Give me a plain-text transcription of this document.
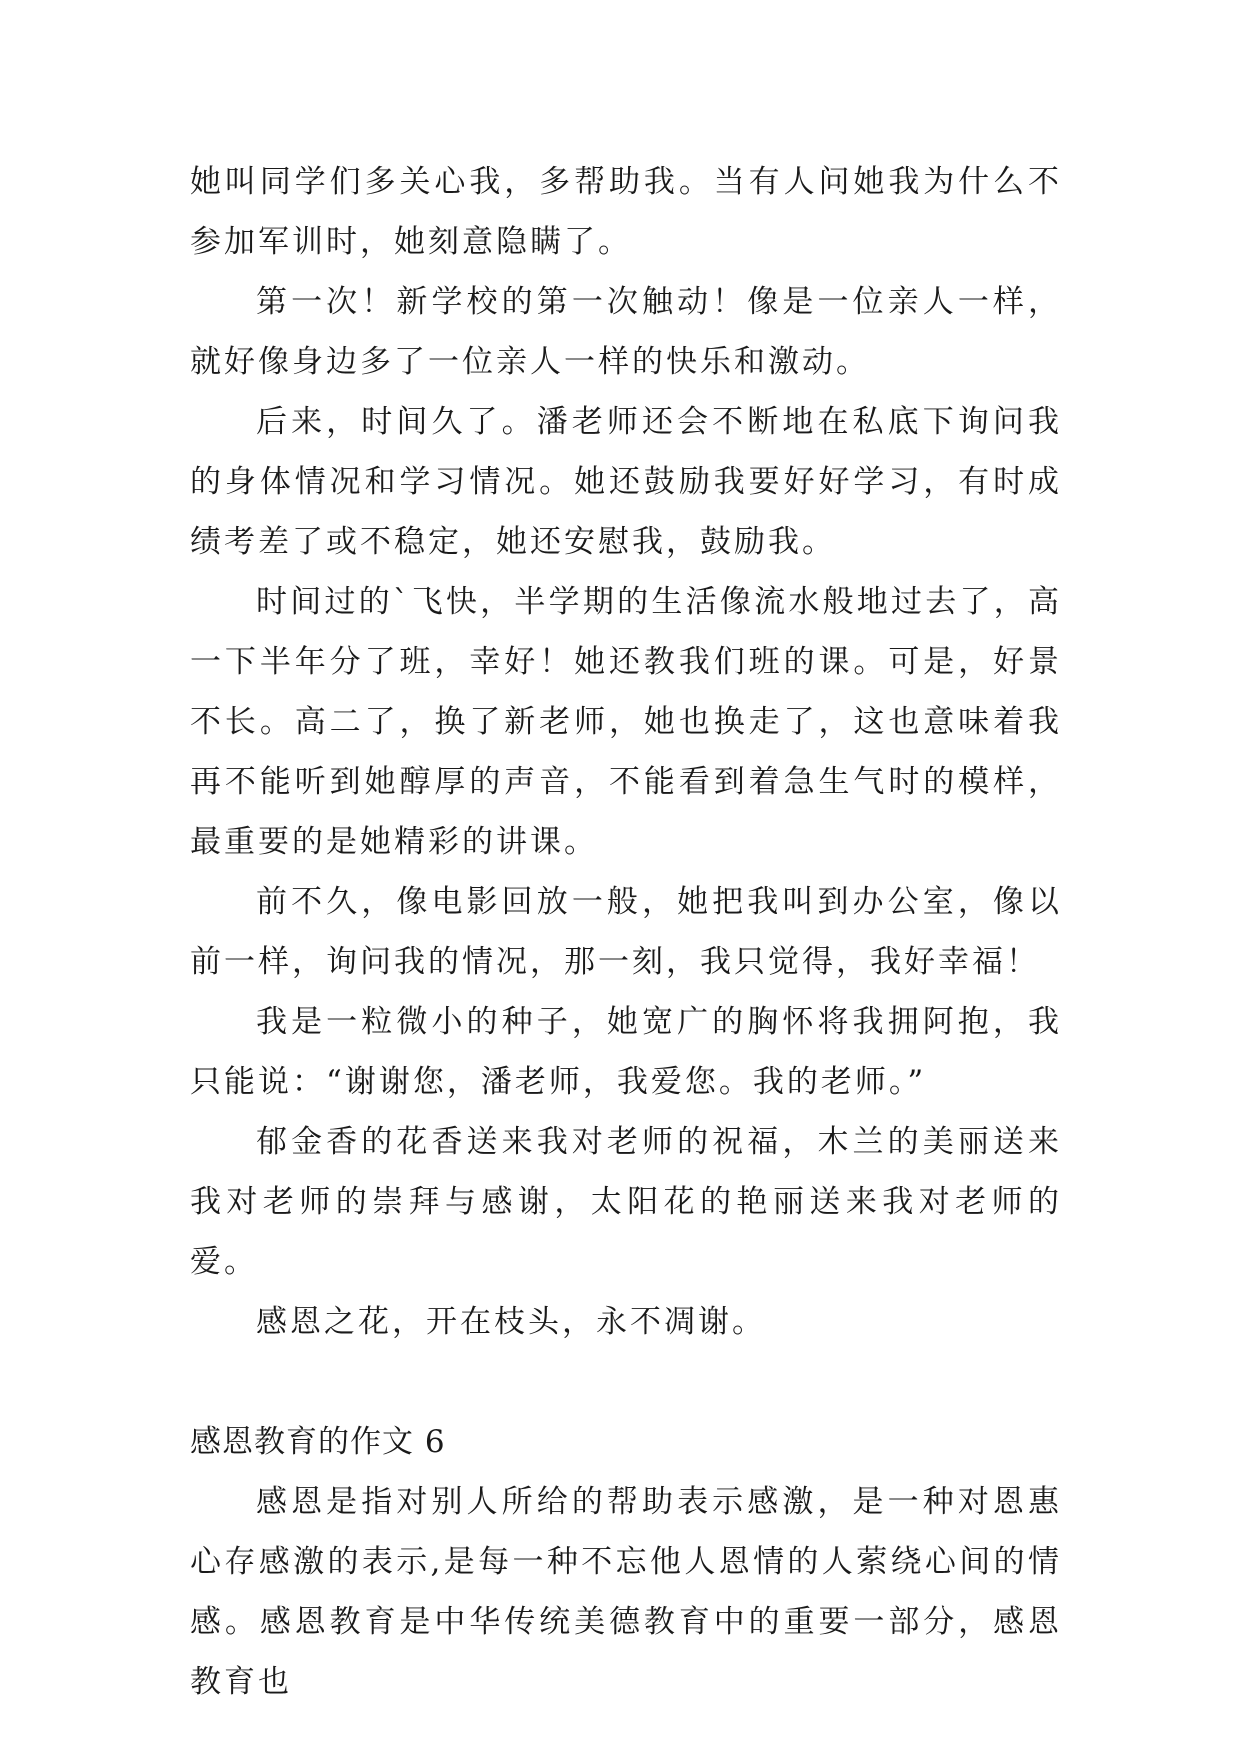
她叫同学们多关心我，多帮助我。当有人问她我为什么不参加军训时，她刻意隐瞒了。

第一次！新学校的第一次触动！像是一位亲人一样，就好像身边多了一位亲人一样的快乐和激动。

后来，时间久了。潘老师还会不断地在私底下询问我的身体情况和学习情况。她还鼓励我要好好学习，有时成绩考差了或不稳定，她还安慰我，鼓励我。

时间过的`飞快，半学期的生活像流水般地过去了，高一下半年分了班，幸好！她还教我们班的课。可是，好景不长。高二了，换了新老师，她也换走了，这也意味着我再不能听到她醇厚的声音，不能看到着急生气时的模样，最重要的是她精彩的讲课。

前不久，像电影回放一般，她把我叫到办公室，像以前一样，询问我的情况，那一刻，我只觉得，我好幸福！

我是一粒微小的种子，她宽广的胸怀将我拥阿抱，我只能说：“谢谢您，潘老师，我爱您。我的老师。”

郁金香的花香送来我对老师的祝福，木兰的美丽送来我对老师的崇拜与感谢，太阳花的艳丽送来我对老师的爱。

感恩之花，开在枝头，永不凋谢。

感恩教育的作文 6

感恩是指对别人所给的帮助表示感激，是一种对恩惠心存感激的表示,是每一种不忘他人恩情的人萦绕心间的情感。感恩教育是中华传统美德教育中的重要一部分，感恩教育也
